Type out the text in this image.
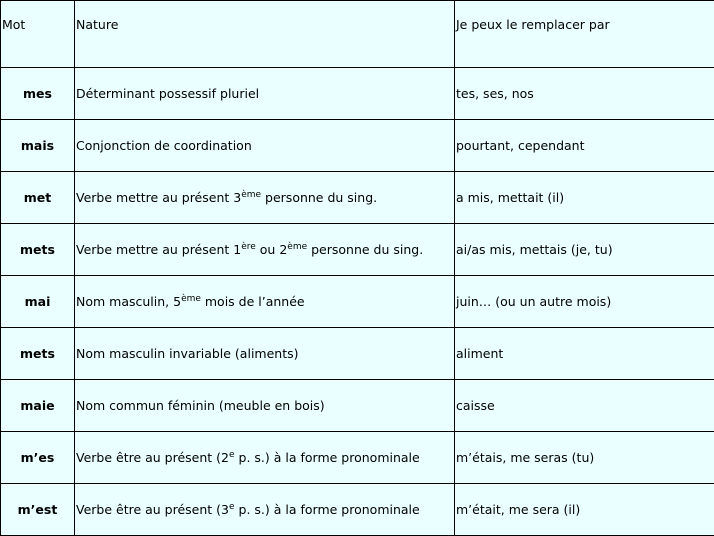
Mot	Nature	Je peux le remplacer par
mes	Déterminant possessif pluriel	tes, ses, nos
mais	Conjonction de coordination	pourtant, cependant
met	Verbe mettre au présent 3ème personne du sing.	a mis, mettait (il)
mets	Verbe mettre au présent 1ère ou 2ème personne du sing.	ai/as mis, mettais (je, tu)
mai	Nom masculin, 5ème mois de l’année	juin… (ou un autre mois)
mets	Nom masculin invariable (aliments)	aliment
maie	Nom commun féminin (meuble en bois)	caisse
m’es	Verbe être au présent (2e p. s.) à la forme pronominale	m’étais, me seras (tu)
m’est	Verbe être au présent (3e p. s.) à la forme pronominale	m’était, me sera (il)
